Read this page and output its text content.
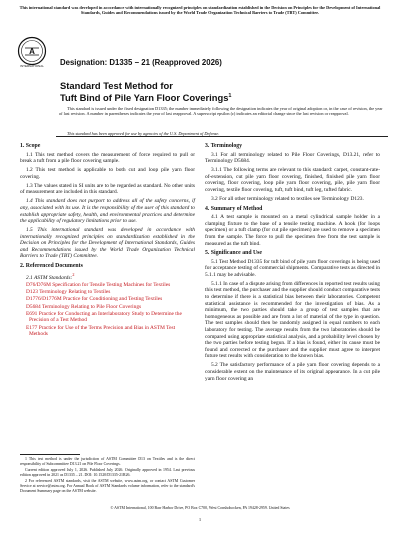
This international standard was developed in accordance with internationally recognized principles on standardization established in the Decision on Principles for the Development of International Standards, Guides and Recommendations issued by the World Trade Organization Technical Barriers to Trade (TBT) Committee.
A
INTERNATIONAL Designation: D1335 − 21 (Reapproved 2026)
Standard Test Method for
Tuft Bind of Pile Yarn Floor Coverings$^1$
This standard is issued under the fixed designation D1335; the number immediately following the designation indicates the year of original adoption or, in the case of revision, the year of last revision. A number in parentheses indicates the year of last reapproval. A superscript epsilon (ε) indicates an editorial change since the last revision or reapproval.
This standard has been approved for use by agencies of the U.S. Department of Defense.
1. Scope

1.1 This test method covers the measurement of force required to pull or break a tuft from a pile floor covering sample.

1.2 This test method is applicable to both cut and loop pile yarn floor covering.

1.3 The values stated in SI units are to be regarded as standard. No other units of measurement are included in this standard.

1.4 This standard does not purport to address all of the safety concerns, if any, associated with its use. It is the responsibility of the user of this standard to establish appropriate safety, health, and environmental practices and determine the applicability of regulatory limitations prior to use.

1.5 This international standard was developed in accordance with internationally recognized principles on standardization established in the Decision on Principles for the Development of International Standards, Guides and Recommendations issued by the World Trade Organization Technical Barriers to Trade (TBT) Committee.

2. Referenced Documents

2.1 ASTM Standards:$^2$

D76/D76M Specification for Tensile Testing Machines for Textiles
D123 Terminology Relating to Textiles
D1776/D1776M Practice for Conditioning and Testing Textiles
D5684 Terminology Relating to Pile Floor Coverings
E691 Practice for Conducting an Interlaboratory Study to Determine the Precision of a Test Method
E177 Practice for Use of the Terms Precision and Bias in ASTM Test Methods

1 This test method is under the jurisdiction of ASTM Committee D13 on Textiles and is the direct responsibility of Subcommittee D13.21 on Pile Floor Coverings.

Current edition approved July 1, 2026. Published July 2026. Originally approved in 1954. Last previous edition approved in 2021 as D1335 – 21. DOI: 10.1520/D1335-21R26.

2 For referenced ASTM standards, visit the ASTM website, www.astm.org, or contact ASTM Customer Service at service@astm.org. For Annual Book of ASTM Standards volume information, refer to the standard's Document Summary page on the ASTM website.

3. Terminology

3.1 For all terminology related to Pile Floor Coverings, D13.21, refer to Terminology D5684.

3.1.1 The following terms are relevant to this standard: carpet, constant-rate-of-extension, cut pile yarn floor covering, finished, finished pile yarn floor covering, floor covering, loop pile yarn floor covering, pile, pile yarn floor covering, textile floor covering, tuft, tuft bind, tuft leg, tufted fabric.

3.2 For all other terminology related to textiles see Terminology D123.

4. Summary of Method

4.1 A test sample is mounted on a metal cylindrical sample holder in a clamping fixture to the base of a tensile testing machine. A hook (for loops specimen) or a tuft clamp (for cut pile specimen) are used to remove a specimen from the sample. The force to pull the specimen free from the test sample is measured as the tuft bind.

5. Significance and Use

5.1 Test Method D1335 for tuft bind of pile yarn floor coverings is being used for acceptance testing of commercial shipments. Comparative tests as directed in 5.1.1 may be advisable.

5.1.1 In case of a dispute arising from differences in reported test results using this test method, the purchaser and the supplier should conduct comparative tests to determine if there is a statistical bias between their laboratories. Competent statistical assistance is recommended for the investigation of bias. As a minimum, the two parties should take a group of test samples that are homogeneous as possible and are from a lot of material of the type in question. The test samples should then be randomly assigned in equal numbers to each laboratory for testing. The average results from the two laboratories should be compared using appropriate statistical analysis, and a probability level chosen by the two parties before testing begun. If a bias is found, either its cause must be found and corrected or the purchaser and the supplier must agree to interpret future test results with consideration to the known bias.

5.2 The satisfactory performance of a pile yarn floor covering depends to a considerable extent on the maintenance of its original appearance. In a cut pile yarn floor covering an

© ASTM International, 100 Barr Harbor Drive, PO Box C700, West Conshohocken, PA 19428-2959. United States
1
